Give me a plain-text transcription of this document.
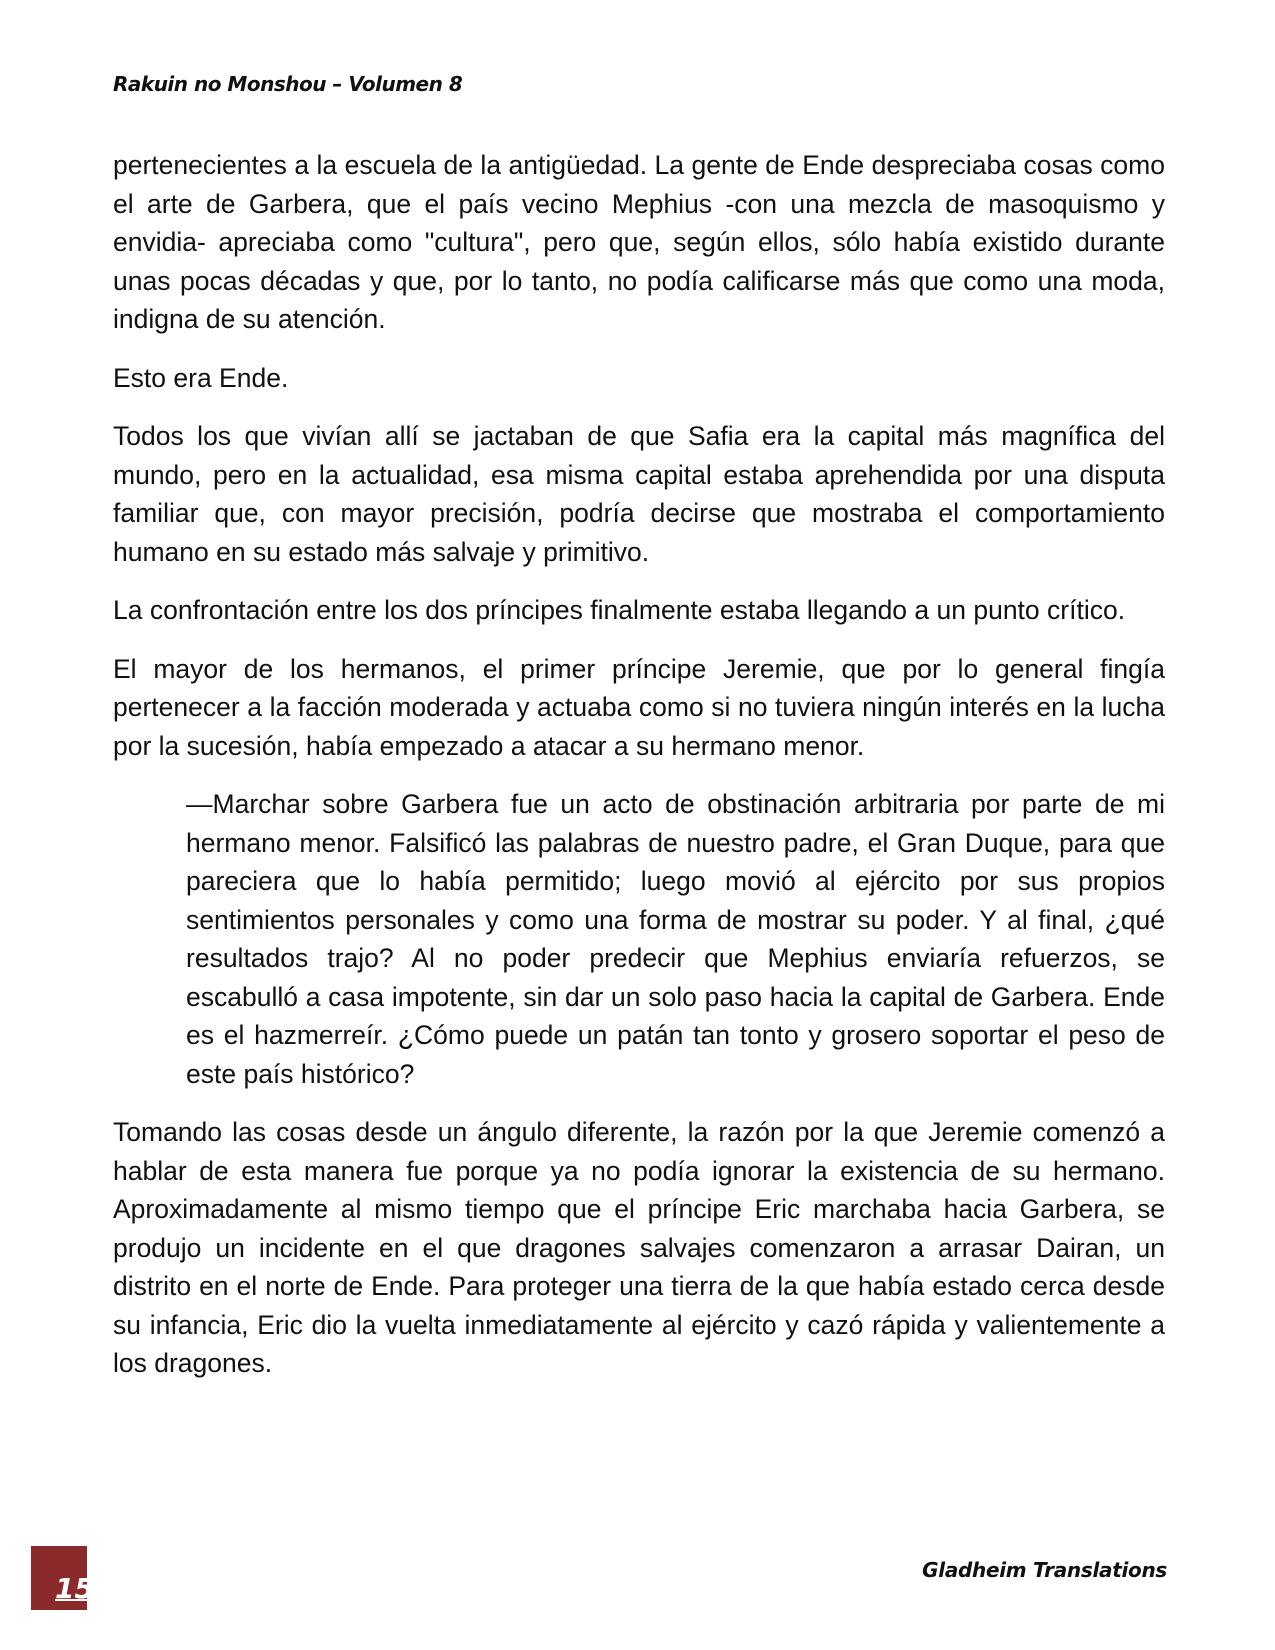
Rakuin no Monshou – Volumen 8

pertenecientes a la escuela de la antigüedad. La gente de Ende despreciaba cosas como el arte de Garbera, que el país vecino Mephius -con una mezcla de masoquismo y envidia- apreciaba como "cultura", pero que, según ellos, sólo había existido durante unas pocas décadas y que, por lo tanto, no podía calificarse más que como una moda, indigna de su atención.

Esto era Ende.

Todos los que vivían allí se jactaban de que Safia era la capital más magnífica del mundo, pero en la actualidad, esa misma capital estaba aprehendida por una disputa familiar que, con mayor precisión, podría decirse que mostraba el comportamiento humano en su estado más salvaje y primitivo.

La confrontación entre los dos príncipes finalmente estaba llegando a un punto crítico.

El mayor de los hermanos, el primer príncipe Jeremie, que por lo general fingía pertenecer a la facción moderada y actuaba como si no tuviera ningún interés en la lucha por la sucesión, había empezado a atacar a su hermano menor.

—Marchar sobre Garbera fue un acto de obstinación arbitraria por parte de mi hermano menor. Falsificó las palabras de nuestro padre, el Gran Duque, para que pareciera que lo había permitido; luego movió al ejército por sus propios sentimientos personales y como una forma de mostrar su poder. Y al final, ¿qué resultados trajo? Al no poder predecir que Mephius enviaría refuerzos, se escabulló a casa impotente, sin dar un solo paso hacia la capital de Garbera. Ende es el hazmerreír. ¿Cómo puede un patán tan tonto y grosero soportar el peso de este país histórico?

Tomando las cosas desde un ángulo diferente, la razón por la que Jeremie comenzó a hablar de esta manera fue porque ya no podía ignorar la existencia de su hermano. Aproximadamente al mismo tiempo que el príncipe Eric marchaba hacia Garbera, se produjo un incidente en el que dragones salvajes comenzaron a arrasar Dairan, un distrito en el norte de Ende. Para proteger una tierra de la que había estado cerca desde su infancia, Eric dio la vuelta inmediatamente al ejército y cazó rápida y valientemente a los dragones.

15
Gladheim Translations
